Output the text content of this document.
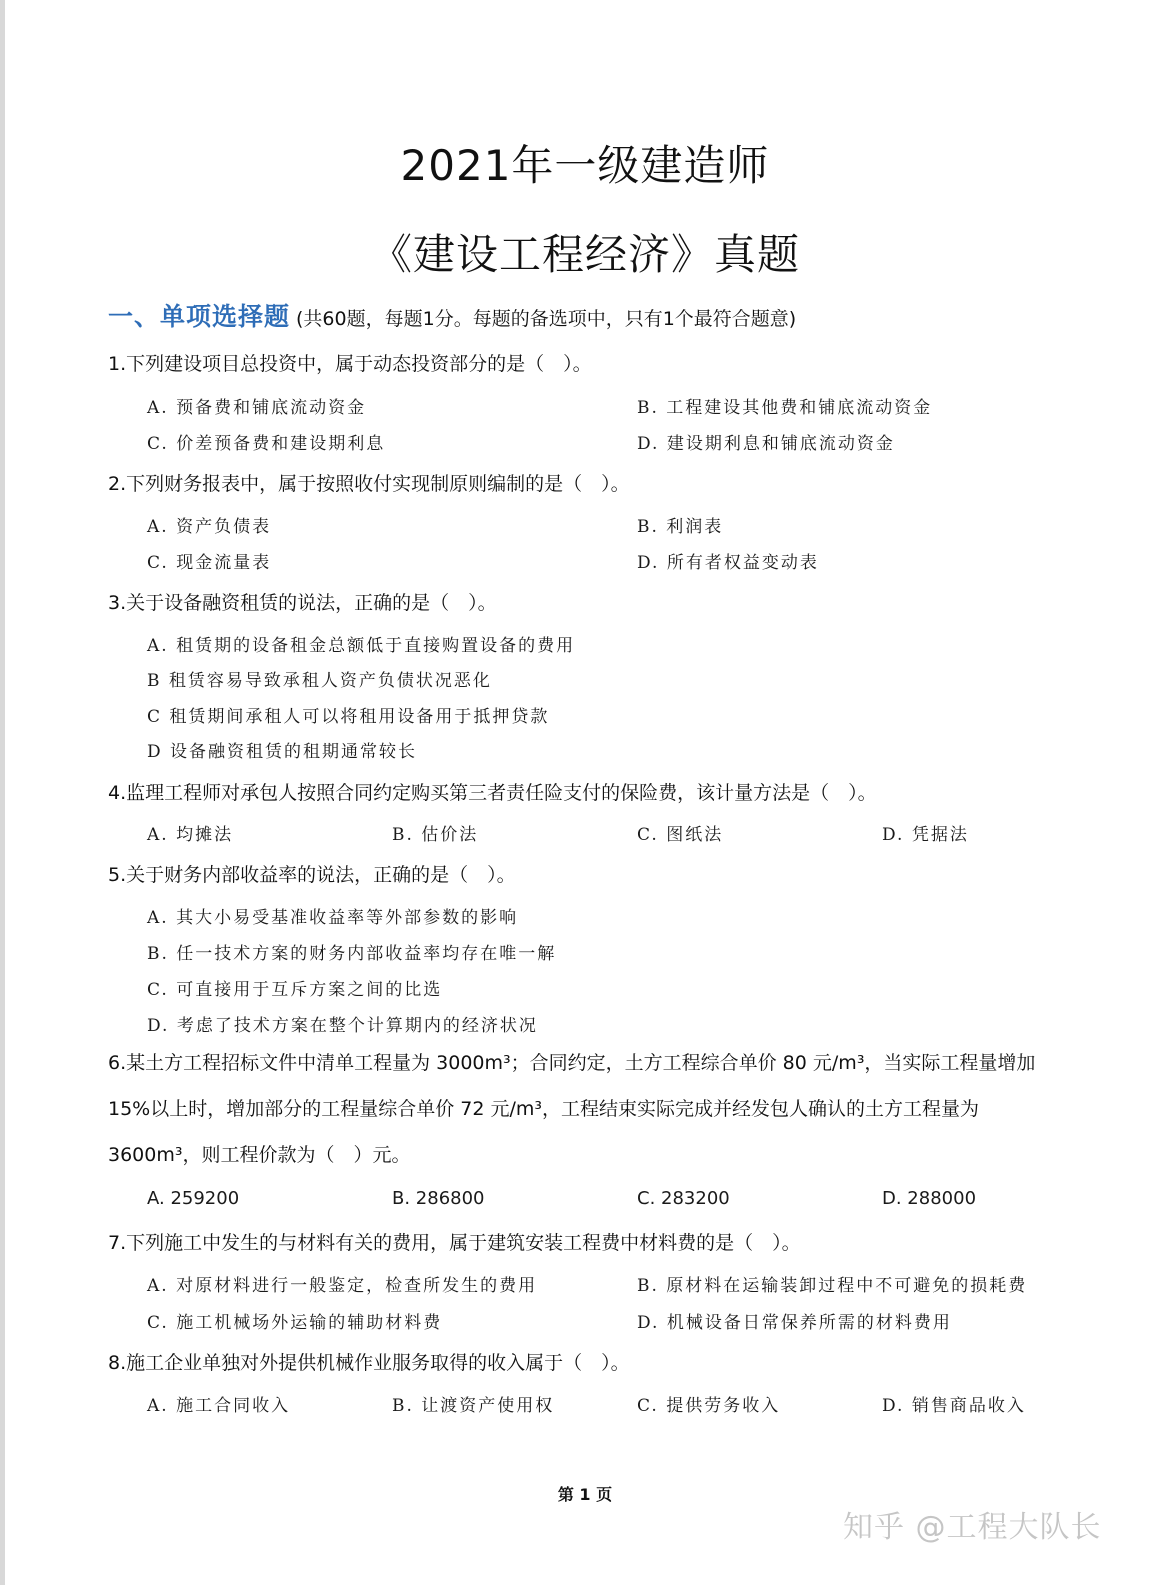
2021年一级建造师
《建设工程经济》真题
一、单项选择题 (共60题，每题1分。每题的备选项中，只有1个最符合题意)
1.下列建设项目总投资中，属于动态投资部分的是（　）。
A. 预备费和铺底流动资金	B. 工程建设其他费和铺底流动资金
C. 价差预备费和建设期利息	D. 建设期利息和铺底流动资金
2.下列财务报表中，属于按照收付实现制原则编制的是（　）。
A. 资产负债表	B. 利润表
C. 现金流量表	D. 所有者权益变动表
3.关于设备融资租赁的说法，正确的是（　）。
A. 租赁期的设备租金总额低于直接购置设备的费用
B 租赁容易导致承租人资产负债状况恶化
C 租赁期间承租人可以将租用设备用于抵押贷款
D 设备融资租赁的租期通常较长
4.监理工程师对承包人按照合同约定购买第三者责任险支付的保险费，该计量方法是（　）。
A. 均摊法	B. 估价法	C. 图纸法	D. 凭据法
5.关于财务内部收益率的说法，正确的是（　）。
A. 其大小易受基准收益率等外部参数的影响
B. 任一技术方案的财务内部收益率均存在唯一解
C. 可直接用于互斥方案之间的比选
D. 考虑了技术方案在整个计算期内的经济状况
6.某土方工程招标文件中清单工程量为 3000m³；合同约定，土方工程综合单价 80 元/m³，当实际工程量增加 15%以上时，增加部分的工程量综合单价 72 元/m³，工程结束实际完成并经发包人确认的土方工程量为 3600m³，则工程价款为（　）元。
A. 259200	B. 286800	C. 283200	D. 288000
7.下列施工中发生的与材料有关的费用，属于建筑安装工程费中材料费的是（　）。
A. 对原材料进行一般鉴定，检查所发生的费用	B. 原材料在运输装卸过程中不可避免的损耗费
C. 施工机械场外运输的辅助材料费	D. 机械设备日常保养所需的材料费用
8.施工企业单独对外提供机械作业服务取得的收入属于（　）。
A. 施工合同收入	B. 让渡资产使用权	C. 提供劳务收入	D. 销售商品收入
第 1 页
知乎 @工程大队长
